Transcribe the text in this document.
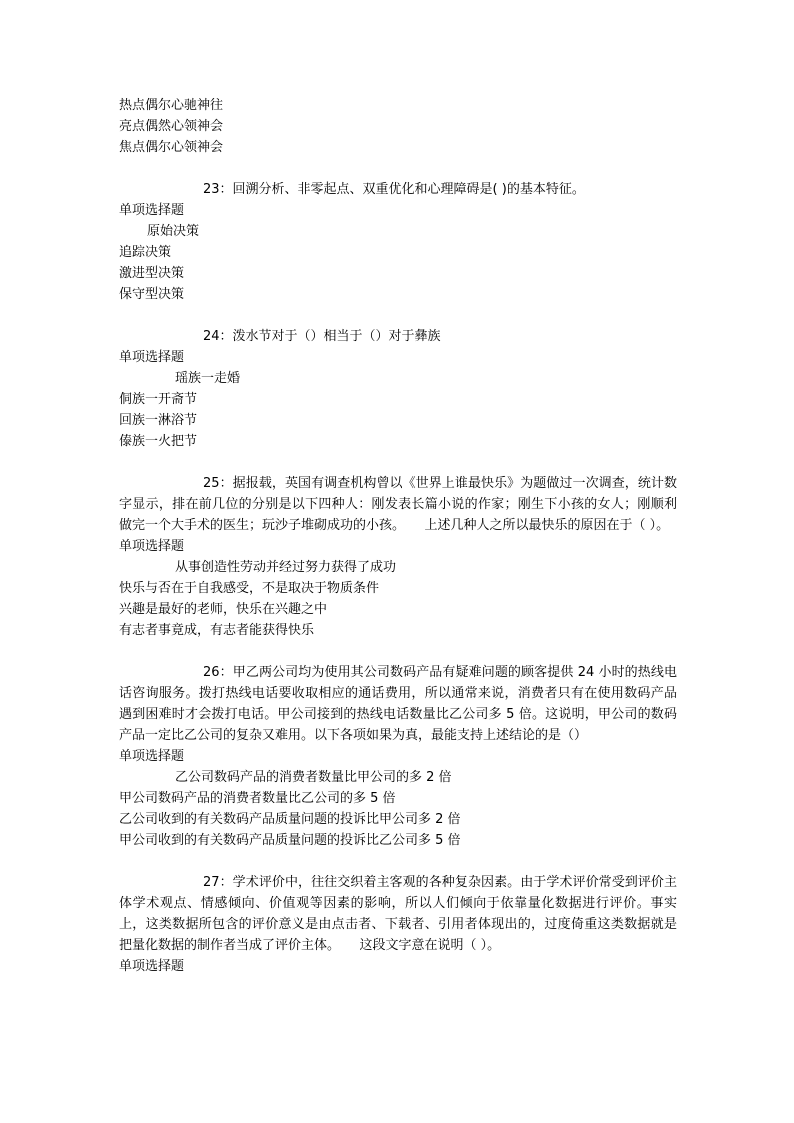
热点偶尔心驰神往
亮点偶然心领神会
焦点偶尔心领神会
23：回溯分析、非零起点、双重优化和心理障碍是( )的基本特征。
单项选择题
原始决策
追踪决策
激进型决策
保守型决策
24：泼水节对于（）相当于（）对于彝族
单项选择题
瑶族一走婚
侗族一开斋节
回族一淋浴节
傣族一火把节
25：据报载，英国有调查机构曾以《世界上谁最快乐》为题做过一次调查，统计数字显示，排在前几位的分别是以下四种人：刚发表长篇小说的作家；刚生下小孩的女人；刚顺利做完一个大手术的医生；玩沙子堆砌成功的小孩。　　上述几种人之所以最快乐的原因在于（ ）。
单项选择题
从事创造性劳动并经过努力获得了成功
快乐与否在于自我感受，不是取决于物质条件
兴趣是最好的老师，快乐在兴趣之中
有志者事竟成，有志者能获得快乐
26：甲乙两公司均为使用其公司数码产品有疑难问题的顾客提供 24 小时的热线电话咨询服务。拨打热线电话要收取相应的通话费用，所以通常来说，消费者只有在使用数码产品遇到困难时才会拨打电话。甲公司接到的热线电话数量比乙公司多 5 倍。这说明，甲公司的数码产品一定比乙公司的复杂又难用。以下各项如果为真，最能支持上述结论的是（）
单项选择题
乙公司数码产品的消费者数量比甲公司的多 2 倍
甲公司数码产品的消费者数量比乙公司的多 5 倍
乙公司收到的有关数码产品质量问题的投诉比甲公司多 2 倍
甲公司收到的有关数码产品质量问题的投诉比乙公司多 5 倍
27：学术评价中，往往交织着主客观的各种复杂因素。由于学术评价常受到评价主体学术观点、情感倾向、价值观等因素的影响，所以人们倾向于依靠量化数据进行评价。事实上，这类数据所包含的评价意义是由点击者、下载者、引用者体现出的，过度倚重这类数据就是把量化数据的制作者当成了评价主体。　　这段文字意在说明（ ）。
单项选择题
